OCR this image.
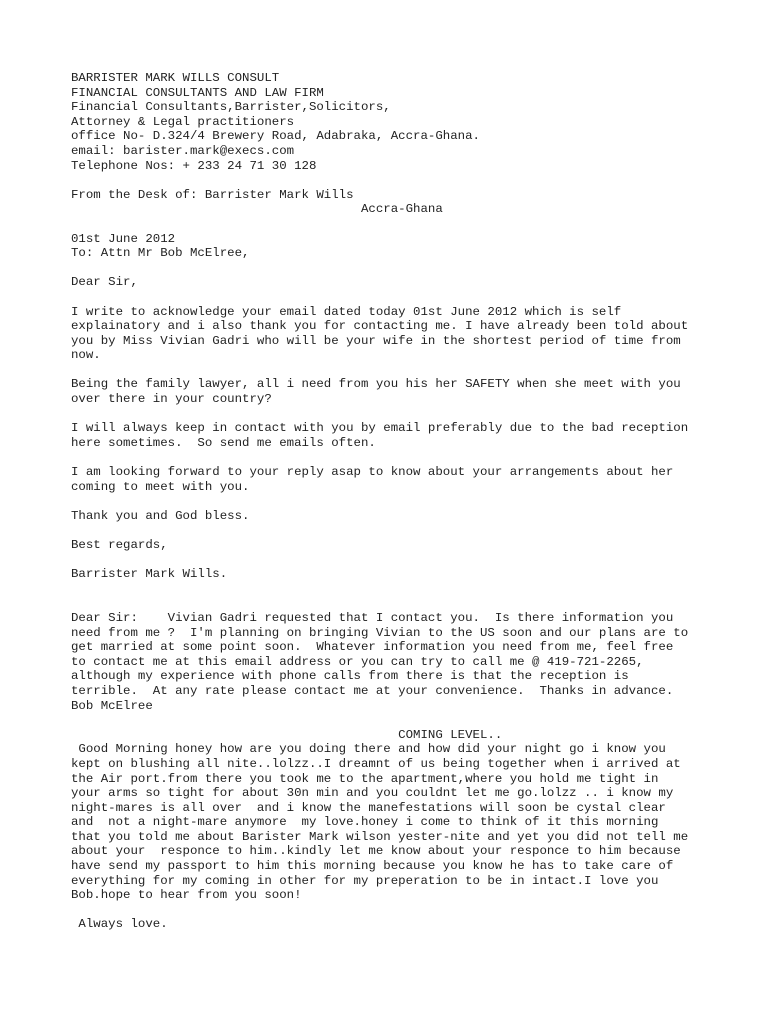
BARRISTER MARK WILLS CONSULT
FINANCIAL CONSULTANTS AND LAW FIRM
Financial Consultants,Barrister,Solicitors,
Attorney & Legal practitioners
office No- D.324/4 Brewery Road, Adabraka, Accra-Ghana.
email: barister.mark@execs.com
Telephone Nos: + 233 24 71 30 128
From the Desk of: Barrister Mark Wills
Accra-Ghana
01st June 2012
To: Attn Mr Bob McElree,
Dear Sir,
I write to acknowledge your email dated today 01st June 2012 which is self
explainatory and i also thank you for contacting me. I have already been told about
you by Miss Vivian Gadri who will be your wife in the shortest period of time from
now.
Being the family lawyer, all i need from you his her SAFETY when she meet with you
over there in your country?
I will always keep in contact with you by email preferably due to the bad reception
here sometimes.  So send me emails often.
I am looking forward to your reply asap to know about your arrangements about her
coming to meet with you.
Thank you and God bless.
Best regards,
Barrister Mark Wills.
Dear Sir:    Vivian Gadri requested that I contact you.  Is there information you
need from me ?  I'm planning on bringing Vivian to the US soon and our plans are to
get married at some point soon.  Whatever information you need from me, feel free
to contact me at this email address or you can try to call me @ 419-721-2265,
although my experience with phone calls from there is that the reception is
terrible.  At any rate please contact me at your convenience.  Thanks in advance.
Bob McElree
COMING LEVEL..
Good Morning honey how are you doing there and how did your night go i know you
kept on blushing all nite..lolzz..I dreamnt of us being together when i arrived at
the Air port.from there you took me to the apartment,where you hold me tight in
your arms so tight for about 30n min and you couldnt let me go.lolzz .. i know my
night-mares is all over  and i know the manefestations will soon be cystal clear
and  not a night-mare anymore  my love.honey i come to think of it this morning
that you told me about Barister Mark wilson yester-nite and yet you did not tell me
about your  responce to him..kindly let me know about your responce to him because
have send my passport to him this morning because you know he has to take care of
everything for my coming in other for my preperation to be in intact.I love you
Bob.hope to hear from you soon!
Always love.
